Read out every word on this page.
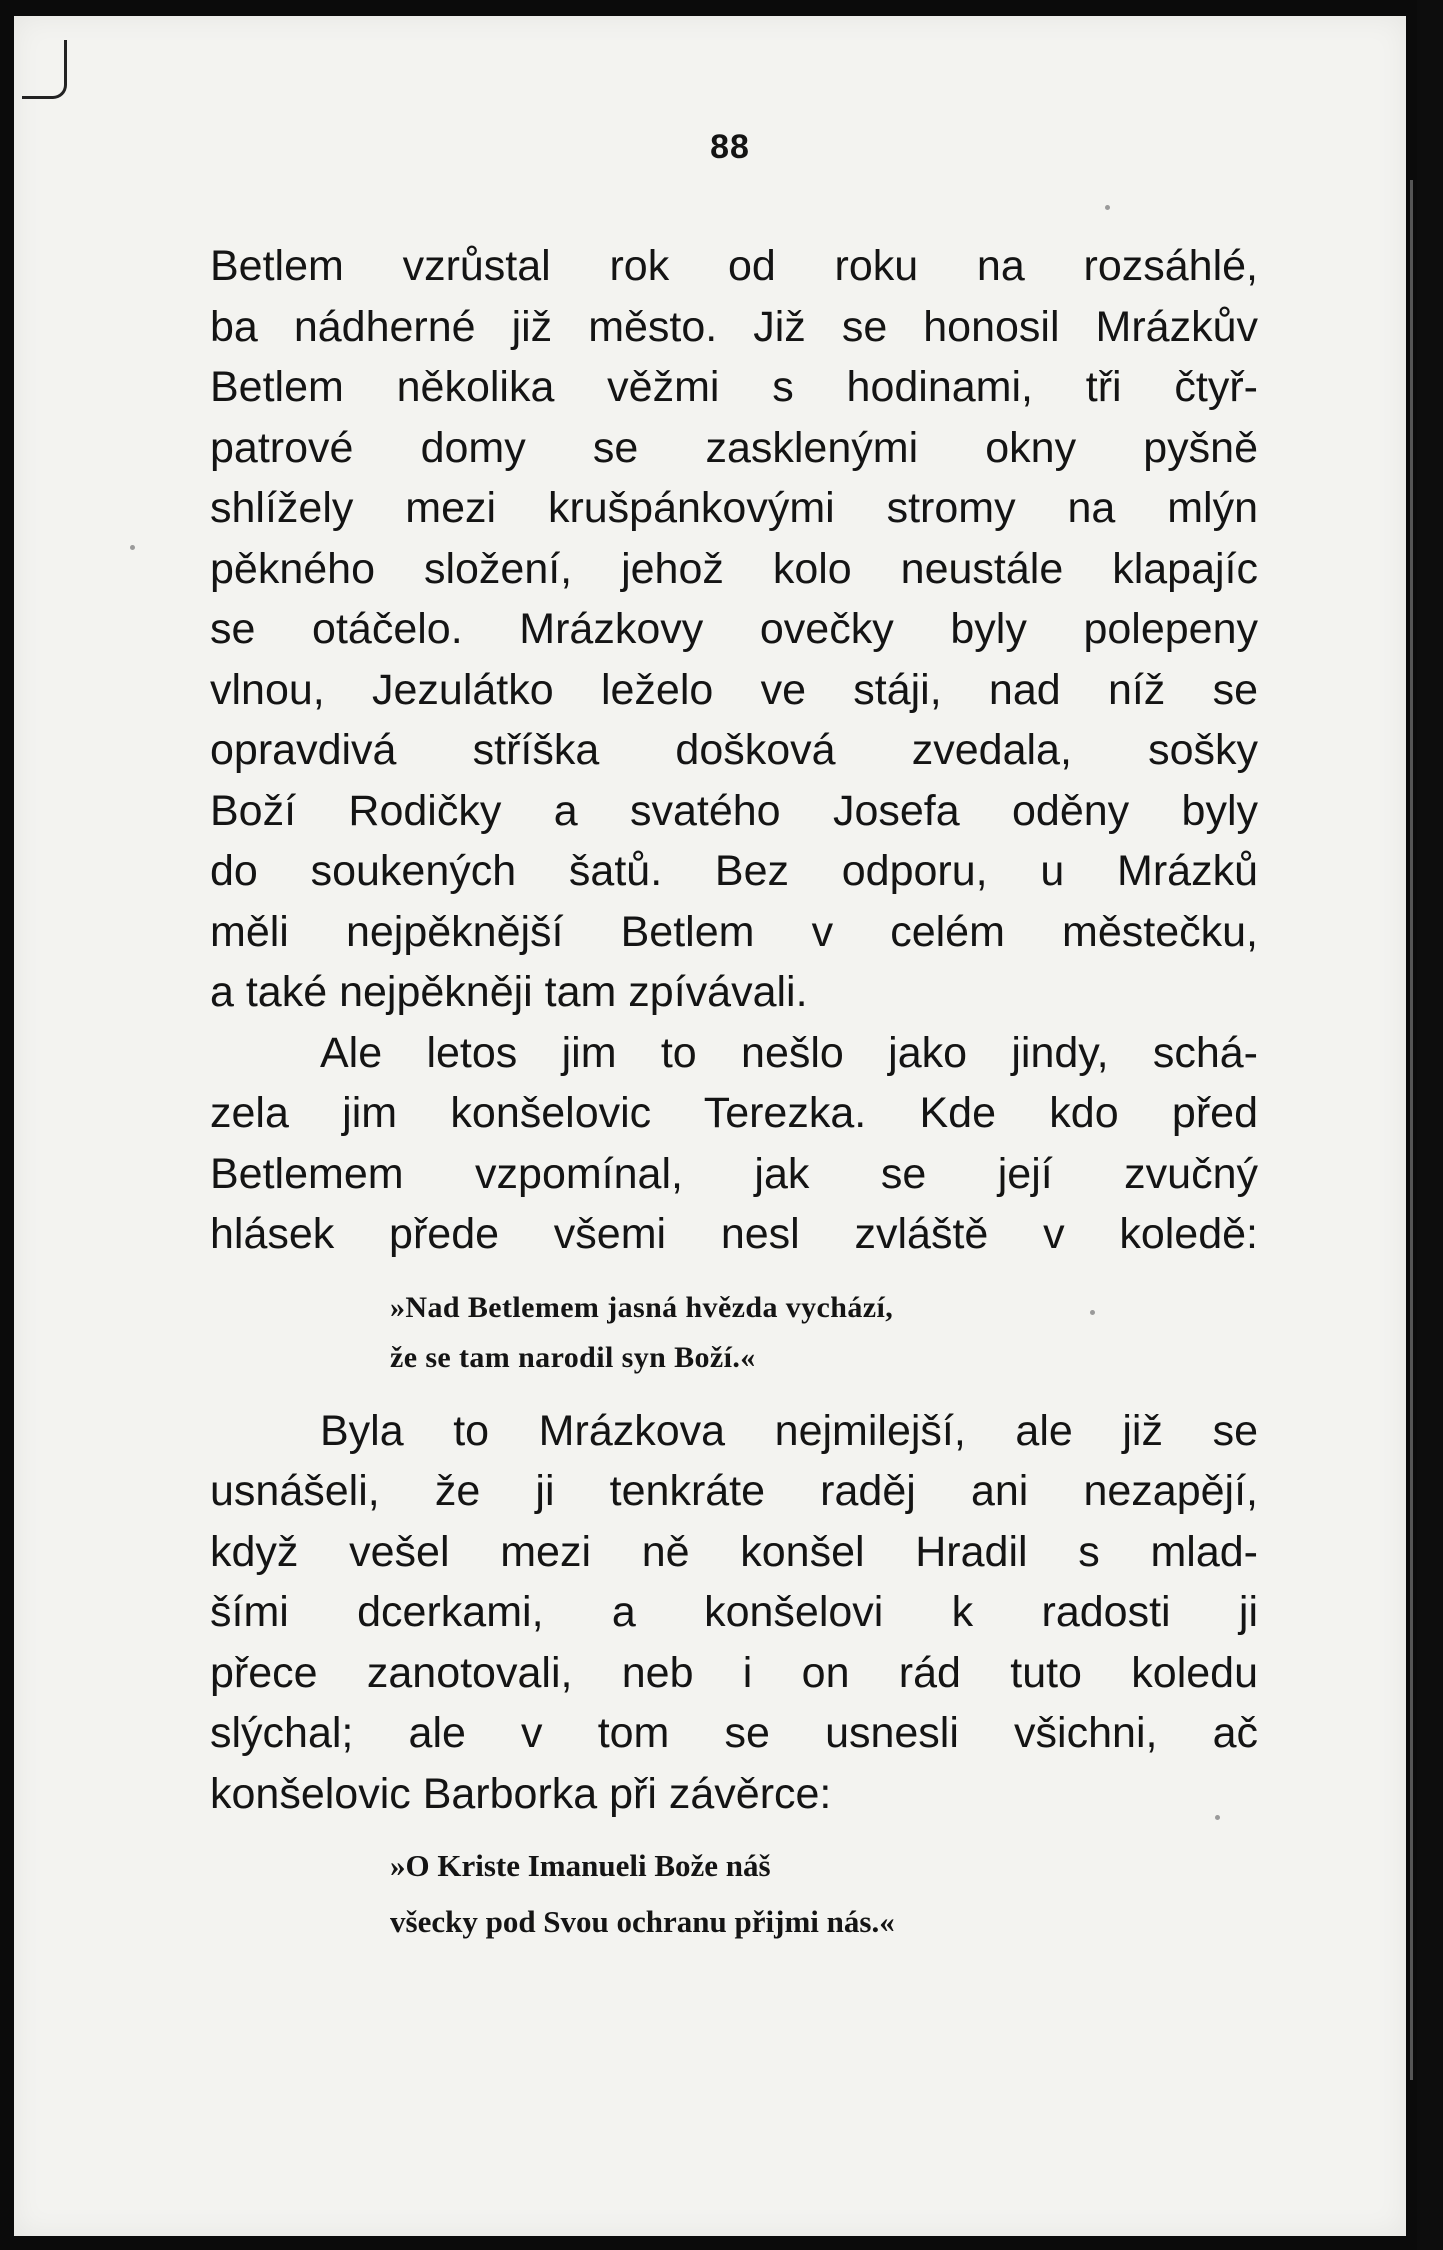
88
Betlem vzrůstal rok od roku na rozsáhlé,
ba nádherné již město. Již se honosil Mrázkův
Betlem několika věžmi s hodinami, tři čtyř-
patrové domy se zasklenými okny pyšně
shlížely mezi krušpánkovými stromy na mlýn
pěkného složení, jehož kolo neustále klapajíc
se otáčelo. Mrázkovy ovečky byly polepeny
vlnou, Jezulátko leželo ve stáji, nad níž se
opravdivá stříška došková zvedala, sošky
Boží Rodičky a svatého Josefa oděny byly
do soukených šatů. Bez odporu, u Mrázků
měli nejpěknější Betlem v celém městečku,
a také nejpěkněji tam zpívávali.
Ale letos jim to nešlo jako jindy, schá-
zela jim konšelovic Terezka. Kde kdo před
Betlemem vzpomínal, jak se její zvučný
hlásek přede všemi nesl zvláště v koledě:
»Nad Betlemem jasná hvězda vychází,
že se tam narodil syn Boží.«
Byla to Mrázkova nejmilejší, ale již se
usnášeli, že ji tenkráte raděj ani nezapějí,
když vešel mezi ně konšel Hradil s mlad-
šími dcerkami, a konšelovi k radosti ji
přece zanotovali, neb i on rád tuto koledu
slýchal; ale v tom se usnesli všichni, ač
konšelovic Barborka při závěrce:
»O Kriste Imanueli Bože náš
všecky pod Svou ochranu přijmi nás.«
